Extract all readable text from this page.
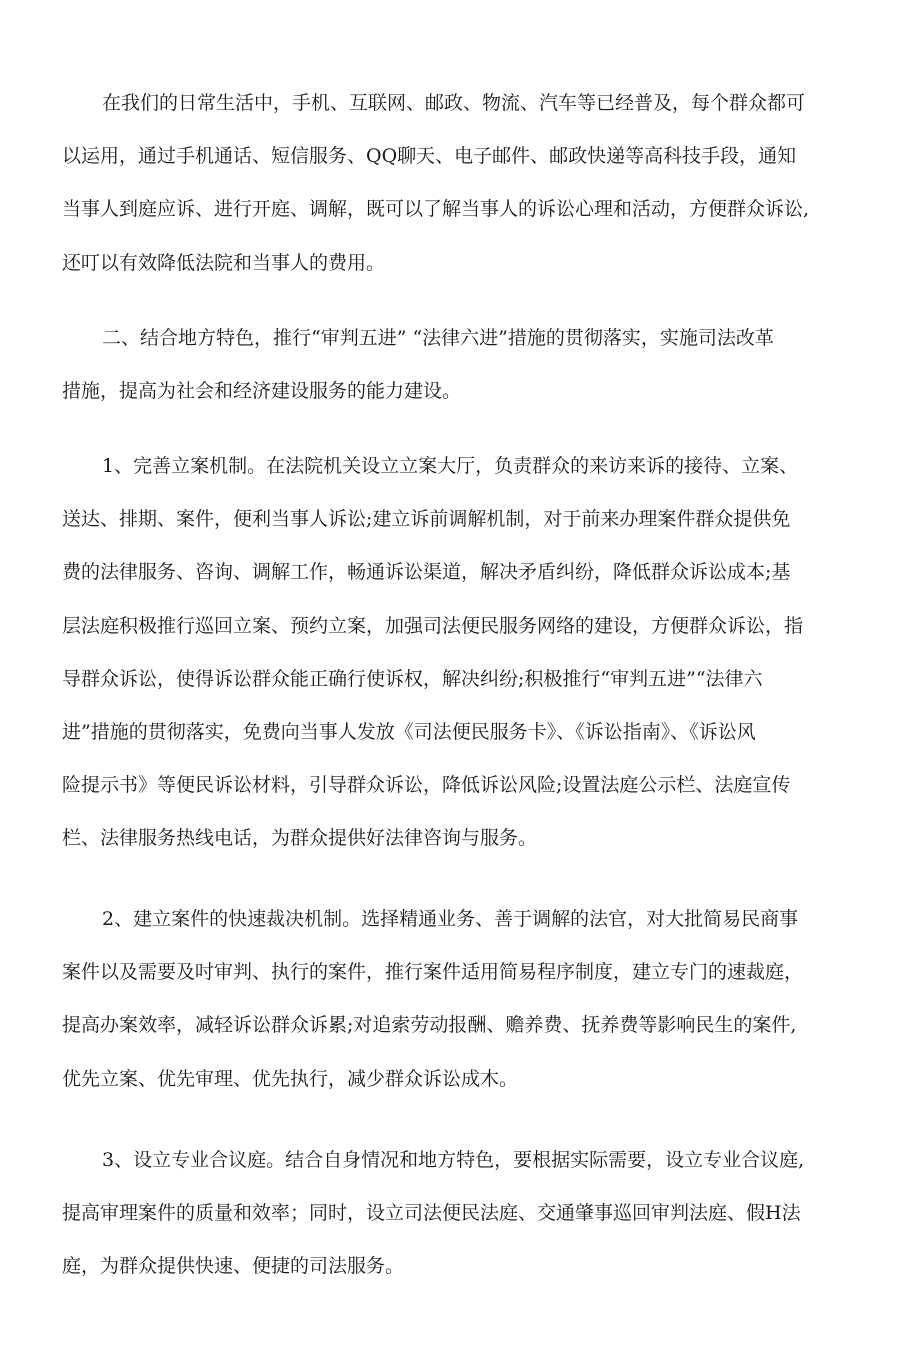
在我们的日常生活中，手机、互联网、邮政、物流、汽车等已经普及，每个群众都可
以运用，通过手机通话、短信服务、QQ聊天、电子邮件、邮政快递等高科技手段，通知
当事人到庭应诉、进行开庭、调解，既可以了解当事人的诉讼心理和活动，方便群众诉讼,
还叮以有效降低法院和当事人的费用。
二、结合地方特色，推行“审判五进” “法律六进”措施的贯彻落实，实施司法改革
措施，提高为社会和经济建设服务的能力建设。
1、完善立案机制。在法院机关设立立案大厅，负责群众的来访来诉的接待、立案、
送达、排期、案件，便利当事人诉讼;建立诉前调解机制，对于前来办理案件群众提供免
费的法律服务、咨询、调解工作，畅通诉讼渠道，解决矛盾纠纷，降低群众诉讼成本;基
层法庭积极推行巡回立案、预约立案，加强司法便民服务网络的建设，方便群众诉讼，指
导群众诉讼，使得诉讼群众能正确行使诉权，解决纠纷;积极推行“审判五进”“法律六
进”措施的贯彻落实，免费向当事人发放《司法便民服务卡》、《诉讼指南》、《诉讼风
险提示书》等便民诉讼材料，引导群众诉讼，降低诉讼风险;设置法庭公示栏、法庭宣传
栏、法律服务热线电话，为群众提供好法律咨询与服务。
2、建立案件的快速裁决机制。选择精通业务、善于调解的法官，对大批简易民商事
案件以及需要及吋审判、执行的案件，推行案件适用简易程序制度，建立专门的速裁庭，
提高办案效率，减轻诉讼群众诉累;对追索劳动报酬、赡养费、抚养费等影响民生的案件,
优先立案、优先审理、优先执行，减少群众诉讼成木。
3、设立专业合议庭。结合自身情况和地方特色，要根据实际需要，设立专业合议庭,
提高审理案件的质量和效率；同时，设立司法便民法庭、交通肇事巡回审判法庭、假H法
庭，为群众提供快速、便捷的司法服务。
